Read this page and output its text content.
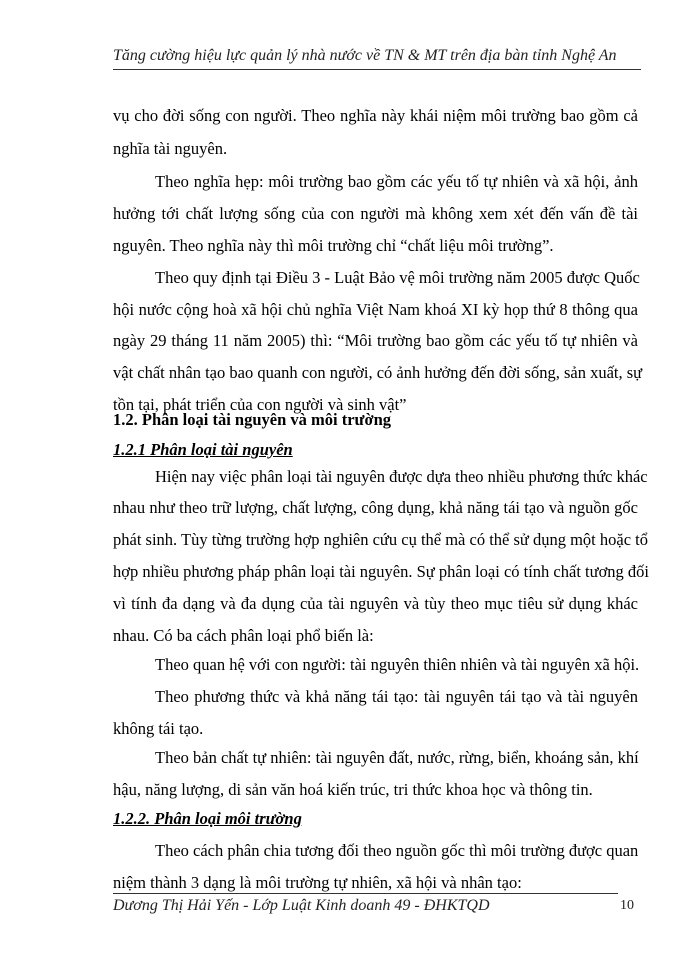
Tăng cường hiệu lực quản lý nhà nước về TN & MT trên địa bàn tỉnh Nghệ An
vụ cho đời sống con người. Theo nghĩa này khái niệm môi trường bao gồm cả
nghĩa tài nguyên.
Theo nghĩa hẹp: môi trường bao gồm các yếu tố tự nhiên và xã hội, ảnh
hưởng tới chất lượng sống của con người mà không xem xét đến vấn đề tài
nguyên. Theo nghĩa này thì môi trường chỉ “chất liệu môi trường”.
Theo quy định tại Điều 3 - Luật Bảo vệ môi trường năm 2005 được Quốc
hội nước cộng hoà xã hội chủ nghĩa Việt Nam khoá XI kỳ họp thứ 8 thông qua
ngày 29 tháng 11 năm 2005) thì: “Môi trường bao gồm các yếu tố tự nhiên và
vật chất nhân tạo bao quanh con người, có ảnh hưởng đến đời sống, sản xuất, sự
tồn tại, phát triển của con người và sinh vật”
1.2. Phân loại tài nguyên và môi trường
1.2.1 Phân loại tài nguyên
Hiện nay việc phân loại tài nguyên được dựa theo nhiều phương thức khác
nhau như theo trữ lượng, chất lượng, công dụng, khả năng tái tạo và nguồn gốc
phát sinh. Tùy từng trường hợp nghiên cứu cụ thể mà có thể sử dụng một hoặc tổ
hợp nhiều phương pháp phân loại tài nguyên. Sự phân loại có tính chất tương đối
vì tính đa dạng và đa dụng của tài nguyên và tùy theo mục tiêu sử dụng khác
nhau. Có ba cách phân loại phổ biến là:
Theo quan hệ với con người: tài nguyên thiên nhiên và tài nguyên xã hội.
Theo phương thức và khả năng tái tạo: tài nguyên tái tạo và tài nguyên
không tái tạo.
Theo bản chất tự nhiên: tài nguyên đất, nước, rừng, biển, khoáng sản, khí
hậu, năng lượng, di sản văn hoá kiến trúc, tri thức khoa học và thông tin.
1.2.2. Phân loại môi trường
Theo cách phân chia tương đối theo nguồn gốc thì môi trường được quan
niệm thành 3 dạng là môi trường tự nhiên, xã hội và nhân tạo:
Dương Thị Hải Yến - Lớp Luật Kinh doanh 49 - ĐHKTQD	10
